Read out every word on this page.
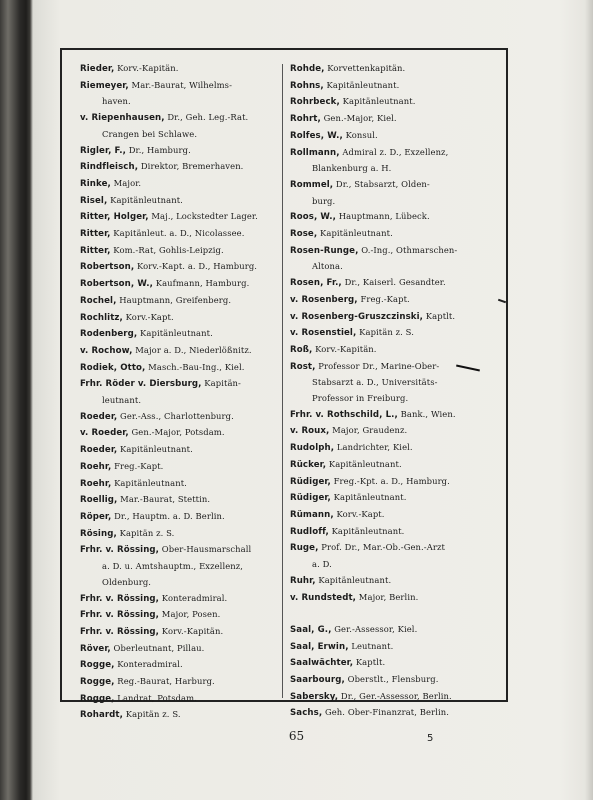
Rieder, Korv.-Kapitän.
Riemeyer, Mar.-Baurat, Wilhelms-
haven.
v. Riepenhausen, Dr., Geh. Leg.-Rat.
Crangen bei Schlawe.
Rigler, F., Dr., Hamburg.
Rindfleisch, Direktor, Bremerhaven.
Rinke, Major.
Risel, Kapitänleutnant.
Ritter, Holger, Maj., Lockstedter Lager.
Ritter, Kapitänleut. a. D., Nicolassee.
Ritter, Kom.-Rat, Gohlis-Leipzig.
Robertson, Korv.-Kapt. a. D., Hamburg.
Robertson, W., Kaufmann, Hamburg.
Rochel, Hauptmann, Greifenberg.
Rochlitz, Korv.-Kapt.
Rodenberg, Kapitänleutnant.
v. Rochow, Major a. D., Niederlößnitz.
Rodiek, Otto, Masch.-Bau-Ing., Kiel.
Frhr. Röder v. Diersburg, Kapitän-
leutnant.
Roeder, Ger.-Ass., Charlottenburg.
v. Roeder, Gen.-Major, Potsdam.
Roeder, Kapitänleutnant.
Roehr, Freg.-Kapt.
Roehr, Kapitänleutnant.
Roellig, Mar.-Baurat, Stettin.
Röper, Dr., Hauptm. a. D. Berlin.
Rösing, Kapitän z. S.
Frhr. v. Rössing, Ober-Hausmarschall
a. D. u. Amtshauptm., Exzellenz,
Oldenburg.
Frhr. v. Rössing, Konteradmiral.
Frhr. v. Rössing, Major, Posen.
Frhr. v. Rössing, Korv.-Kapitän.
Röver, Oberleutnant, Pillau.
Rogge, Konteradmiral.
Rogge, Reg.-Baurat, Harburg.
Rogge, Landrat, Potsdam.
Rohardt, Kapitän z. S.
Rohde, Korvettenkapitän.
Rohns, Kapitänleutnant.
Rohrbeck, Kapitänleutnant.
Rohrt, Gen.-Major, Kiel.
Rolfes, W., Konsul.
Rollmann, Admiral z. D., Exzellenz,
Blankenburg a. H.
Rommel, Dr., Stabsarzt, Olden-
burg.
Roos, W., Hauptmann, Lübeck.
Rose, Kapitänleutnant.
Rosen-Runge, O.-Ing., Othmarschen-
Altona.
Rosen, Fr., Dr., Kaiserl. Gesandter.
v. Rosenberg, Freg.-Kapt.
v. Rosenberg-Gruszczinski, Kaptlt.
v. Rosenstiel, Kapitän z. S.
Roß, Korv.-Kapitän.
Rost, Professor Dr., Marine-Ober-
Stabsarzt a. D., Universitäts-
Professor in Freiburg.
Frhr. v. Rothschild, L., Bank., Wien.
v. Roux, Major, Graudenz.
Rudolph, Landrichter, Kiel.
Rücker, Kapitänleutnant.
Rüdiger, Freg.-Kpt. a. D., Hamburg.
Rüdiger, Kapitänleutnant.
Rümann, Korv.-Kapt.
Rudloff, Kapitänleutnant.
Ruge, Prof. Dr., Mar.-Ob.-Gen.-Arzt
a. D.
Ruhr, Kapitänleutnant.
v. Rundstedt, Major, Berlin.
Saal, G., Ger.-Assessor, Kiel.
Saal, Erwin, Leutnant.
Saalwächter, Kaptlt.
Saarbourg, Oberstlt., Flensburg.
Sabersky, Dr., Ger.-Assessor, Berlin.
Sachs, Geh. Ober-Finanzrat, Berlin.
65	5
